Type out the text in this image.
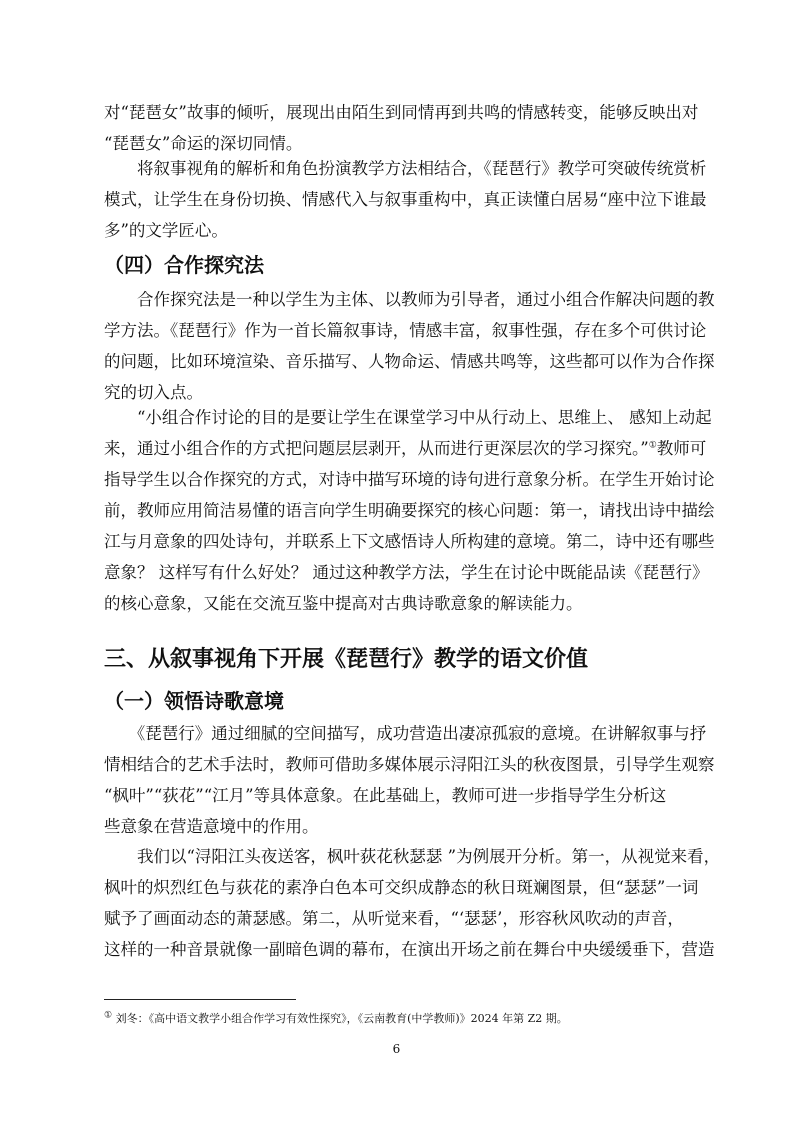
对“琵琶女”故事的倾听，展现出由陌生到同情再到共鸣的情感转变，能够反映出对
“琵琶女”命运的深切同情。
　　将叙事视角的解析和角色扮演教学方法相结合，《琵琶行》教学可突破传统赏析
模式，让学生在身份切换、情感代入与叙事重构中，真正读懂白居易“座中泣下谁最
多”的文学匠心。
（四）合作探究法
　　合作探究法是一种以学生为主体、以教师为引导者，通过小组合作解决问题的教
学方法。《琵琶行》作为一首长篇叙事诗，情感丰富，叙事性强，存在多个可供讨论
的问题，比如环境渲染、音乐描写、人物命运、情感共鸣等，这些都可以作为合作探
究的切入点。
　　“小组合作讨论的目的是要让学生在课堂学习中从行动上、思维上、 感知上动起
来，通过小组合作的方式把问题层层剥开，从而进行更深层次的学习探究。”①教师可
指导学生以合作探究的方式，对诗中描写环境的诗句进行意象分析。在学生开始讨论
前，教师应用简洁易懂的语言向学生明确要探究的核心问题：第一，请找出诗中描绘
江与月意象的四处诗句，并联系上下文感悟诗人所构建的意境。第二，诗中还有哪些
意象？ 这样写有什么好处？ 通过这种教学方法，学生在讨论中既能品读《琵琶行》
的核心意象，又能在交流互鉴中提高对古典诗歌意象的解读能力。
三、从叙事视角下开展《琵琶行》教学的语文价值
（一）领悟诗歌意境
　　《琵琶行》通过细腻的空间描写，成功营造出凄凉孤寂的意境。在讲解叙事与抒
情相结合的艺术手法时，教师可借助多媒体展示浔阳江头的秋夜图景，引导学生观察
“枫叶”“荻花”“江月”等具体意象。在此基础上，教师可进一步指导学生分析这
些意象在营造意境中的作用。
　　我们以“浔阳江头夜送客，枫叶荻花秋瑟瑟 ”为例展开分析。第一，从视觉来看，
枫叶的炽烈红色与荻花的素净白色本可交织成静态的秋日斑斓图景，但“瑟瑟”一词
赋予了画面动态的萧瑟感。第二，从听觉来看，“‘瑟瑟’，形容秋风吹动的声音，
这样的一种音景就像一副暗色调的幕布，在演出开场之前在舞台中央缓缓垂下，营造
① 刘冬：《高中语文教学小组合作学习有效性探究》，《云南教育(中学教师)》2024 年第 Z2 期。
6
